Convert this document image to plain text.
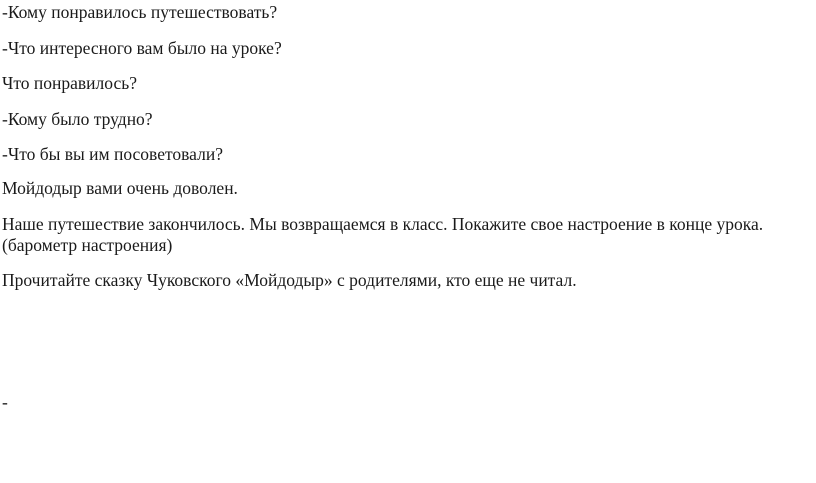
-Кому понравилось путешествовать?
-Что интересного вам было на уроке?
Что понравилось?
-Кому было трудно?
-Что бы вы им посоветовали?
Мойдодыр вами очень доволен.
Наше путешествие закончилось. Мы возвращаемся в класс. Покажите свое настроение в конце урока.(барометр настроения)
Прочитайте сказку Чуковского «Мойдодыр» с родителями, кто еще не читал.
-
